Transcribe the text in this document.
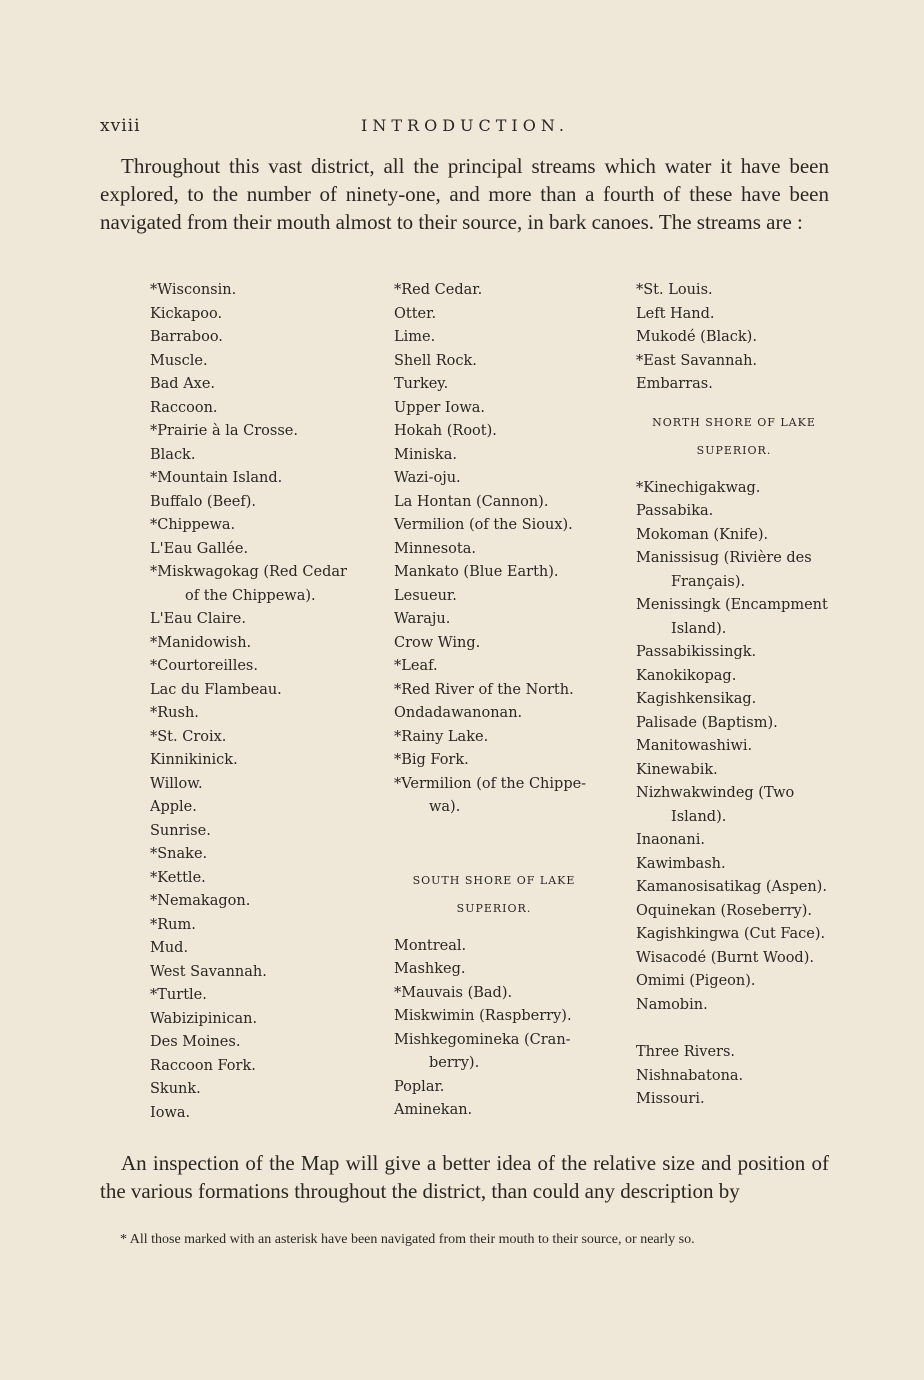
xviii	INTRODUCTION.
Throughout this vast district, all the principal streams which water it have been explored, to the number of ninety-one, and more than a fourth of these have been navigated from their mouth almost to their source, in bark canoes. The streams are :
*Wisconsin.
Kickapoo.
Barraboo.
Muscle.
Bad Axe.
Raccoon.
*Prairie à la Crosse.
Black.
*Mountain Island.
Buffalo (Beef).
*Chippewa.
L'Eau Gallée.
*Miskwagokag (Red Cedar
of the Chippewa).
L'Eau Claire.
*Manidowish.
*Courtoreilles.
Lac du Flambeau.
*Rush.
*St. Croix.
Kinnikinick.
Willow.
Apple.
Sunrise.
*Snake.
*Kettle.
*Nemakagon.
*Rum.
Mud.
West Savannah.
*Turtle.
Wabizipinican.
Des Moines.
Raccoon Fork.
Skunk.
Iowa.
*Red Cedar.
Otter.
Lime.
Shell Rock.
Turkey.
Upper Iowa.
Hokah (Root).
Miniska.
Wazi-oju.
La Hontan (Cannon).
Vermilion (of the Sioux).
Minnesota.
Mankato (Blue Earth).
Lesueur.
Waraju.
Crow Wing.
*Leaf.
*Red River of the North.
Ondadawanonan.
*Rainy Lake.
*Big Fork.
*Vermilion (of the Chippe-
wa).
SOUTH SHORE OF LAKE
SUPERIOR.
Montreal.
Mashkeg.
*Mauvais (Bad).
Miskwimin (Raspberry).
Mishkegomineka (Cran-
berry).
Poplar.
Aminekan.
*St. Louis.
Left Hand.
Mukodé (Black).
*East Savannah.
Embarras.
NORTH SHORE OF LAKE
SUPERIOR.
*Kinechigakwag.
Passabika.
Mokoman (Knife).
Manissisug (Rivière des
Français).
Menissingk (Encampment
Island).
Passabikissingk.
Kanokikopag.
Kagishkensikag.
Palisade (Baptism).
Manitowashiwi.
Kinewabik.
Nizhwakwindeg (Two
Island).
Inaonani.
Kawimbash.
Kamanosisatikag (Aspen).
Oquinekan (Roseberry).
Kagishkingwa (Cut Face).
Wisacodé (Burnt Wood).
Omimi (Pigeon).
Namobin.
Three Rivers.
Nishnabatona.
Missouri.
An inspection of the Map will give a better idea of the relative size and position of the various formations throughout the district, than could any description by
* All those marked with an asterisk have been navigated from their mouth to their source, or nearly so.
